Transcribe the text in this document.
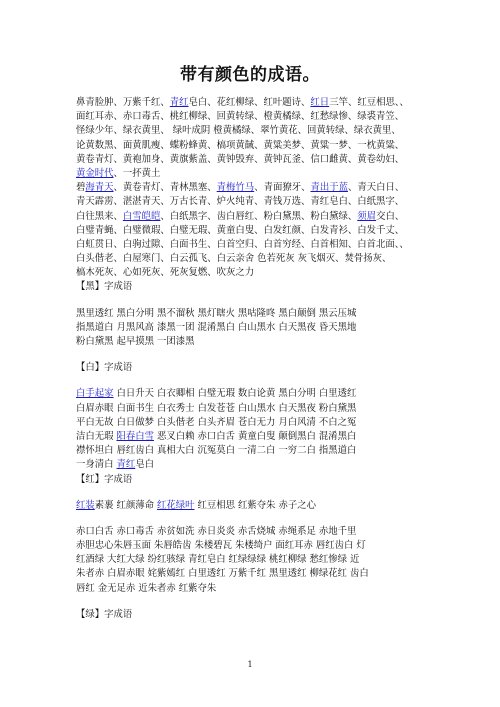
带有颜色的成语。
鼻青脸肿、万紫千红、青红皂白、花红柳绿、红叶题诗、红日三竿、红豆相思、、
面红耳赤、赤口毒舌、桃红柳绿、回黄转绿、橙黄橘绿、红愁绿惨、绿裘青笠、
怪绿少年、绿衣黄里、 绿叶成阴 橙黄橘绿、翠竹黄花、回黄转绿、绿衣黄里、
论黄数黑、面黄肌瘦、蝶粉蜂黄、槁项黄馘、黄粱美梦、黄粱一梦、一枕黄粱、
黄卷青灯、黄袍加身、黄旗紫盖、黄钟毁弃、黄钟瓦釜、信口雌黄、黄卷幼妇、
黄金时代、一抔黄土
碧海青天、黄卷青灯、青林黑塞、青梅竹马、青面獠牙、青出于蓝、青天白日、
青天霹雳、湛湛青天、万古长青、炉火纯青、青钱万选、青红皂白、白纸黑字、
白往黑来、白雪皑皑、白纸黑字、齿白唇红、粉白黛黑、粉白黛绿、须眉交白、
白璧青蝇、白璧微瑕、白璧无瑕、黄童白叟、白发红颜、白发青衫、白发千丈、
白虹贯日、白驹过隙、白面书生、白首空归、白首穷经、白首相知、白首北面、、
白头偕老、白屋寒门、白云孤飞、白云亲舍 色若死灰 灰飞烟灭、焚骨扬灰、
槁木死灰、心如死灰、死灰复燃、吹灰之力
【黑】字成语
黑里透红 黑白分明 黑不溜秋 黑灯瞎火 黑咕隆咚 黑白颠倒 黑云压城
指黑道白 月黑风高 漆黑一团 混淆黑白 白山黑水 白天黑夜 昏天黑地
粉白黛黑 起早摸黑 一团漆黑
【白】字成语
白手起家 白日升天 白衣卿相 白璧无瑕 数白论黄 黑白分明 白里透红
白眉赤眼 白面书生 白衣秀士 白发苍苍 白山黑水 白天黑夜 粉白黛黑
平白无故 白日做梦 白头偕老 白头齐眉 苍白无力 月白风清 不白之冤
洁白无瑕 阳春白雪 恶叉白赖 赤口白舌 黄童白叟 颠倒黑白 混淆黑白
襟怀坦白 唇红齿白 真相大白 沉冤莫白 一清二白 一穷二白 指黑道白
一身清白 青红皂白
【红】字成语
红装素裹 红颜薄命 红花绿叶 红豆相思 红紫夺朱 赤子之心
赤口白舌 赤口毒舌 赤贫如洗 赤日炎炎 赤舌烧城 赤绳系足 赤地千里
赤胆忠心朱唇玉面 朱唇皓齿 朱楼碧瓦 朱楼绮户 面红耳赤 唇红齿白 灯
红酒绿 大红大绿 纷红骇绿 青红皂白 红绿绿绿 桃红柳绿 愁红惨绿 近
朱者赤 白眉赤眼 姹紫嫣红 白里透红 万紫千红 黑里透红 柳绿花红 齿白
唇红 金无足赤 近朱者赤 红紫夺朱
【绿】字成语
1
